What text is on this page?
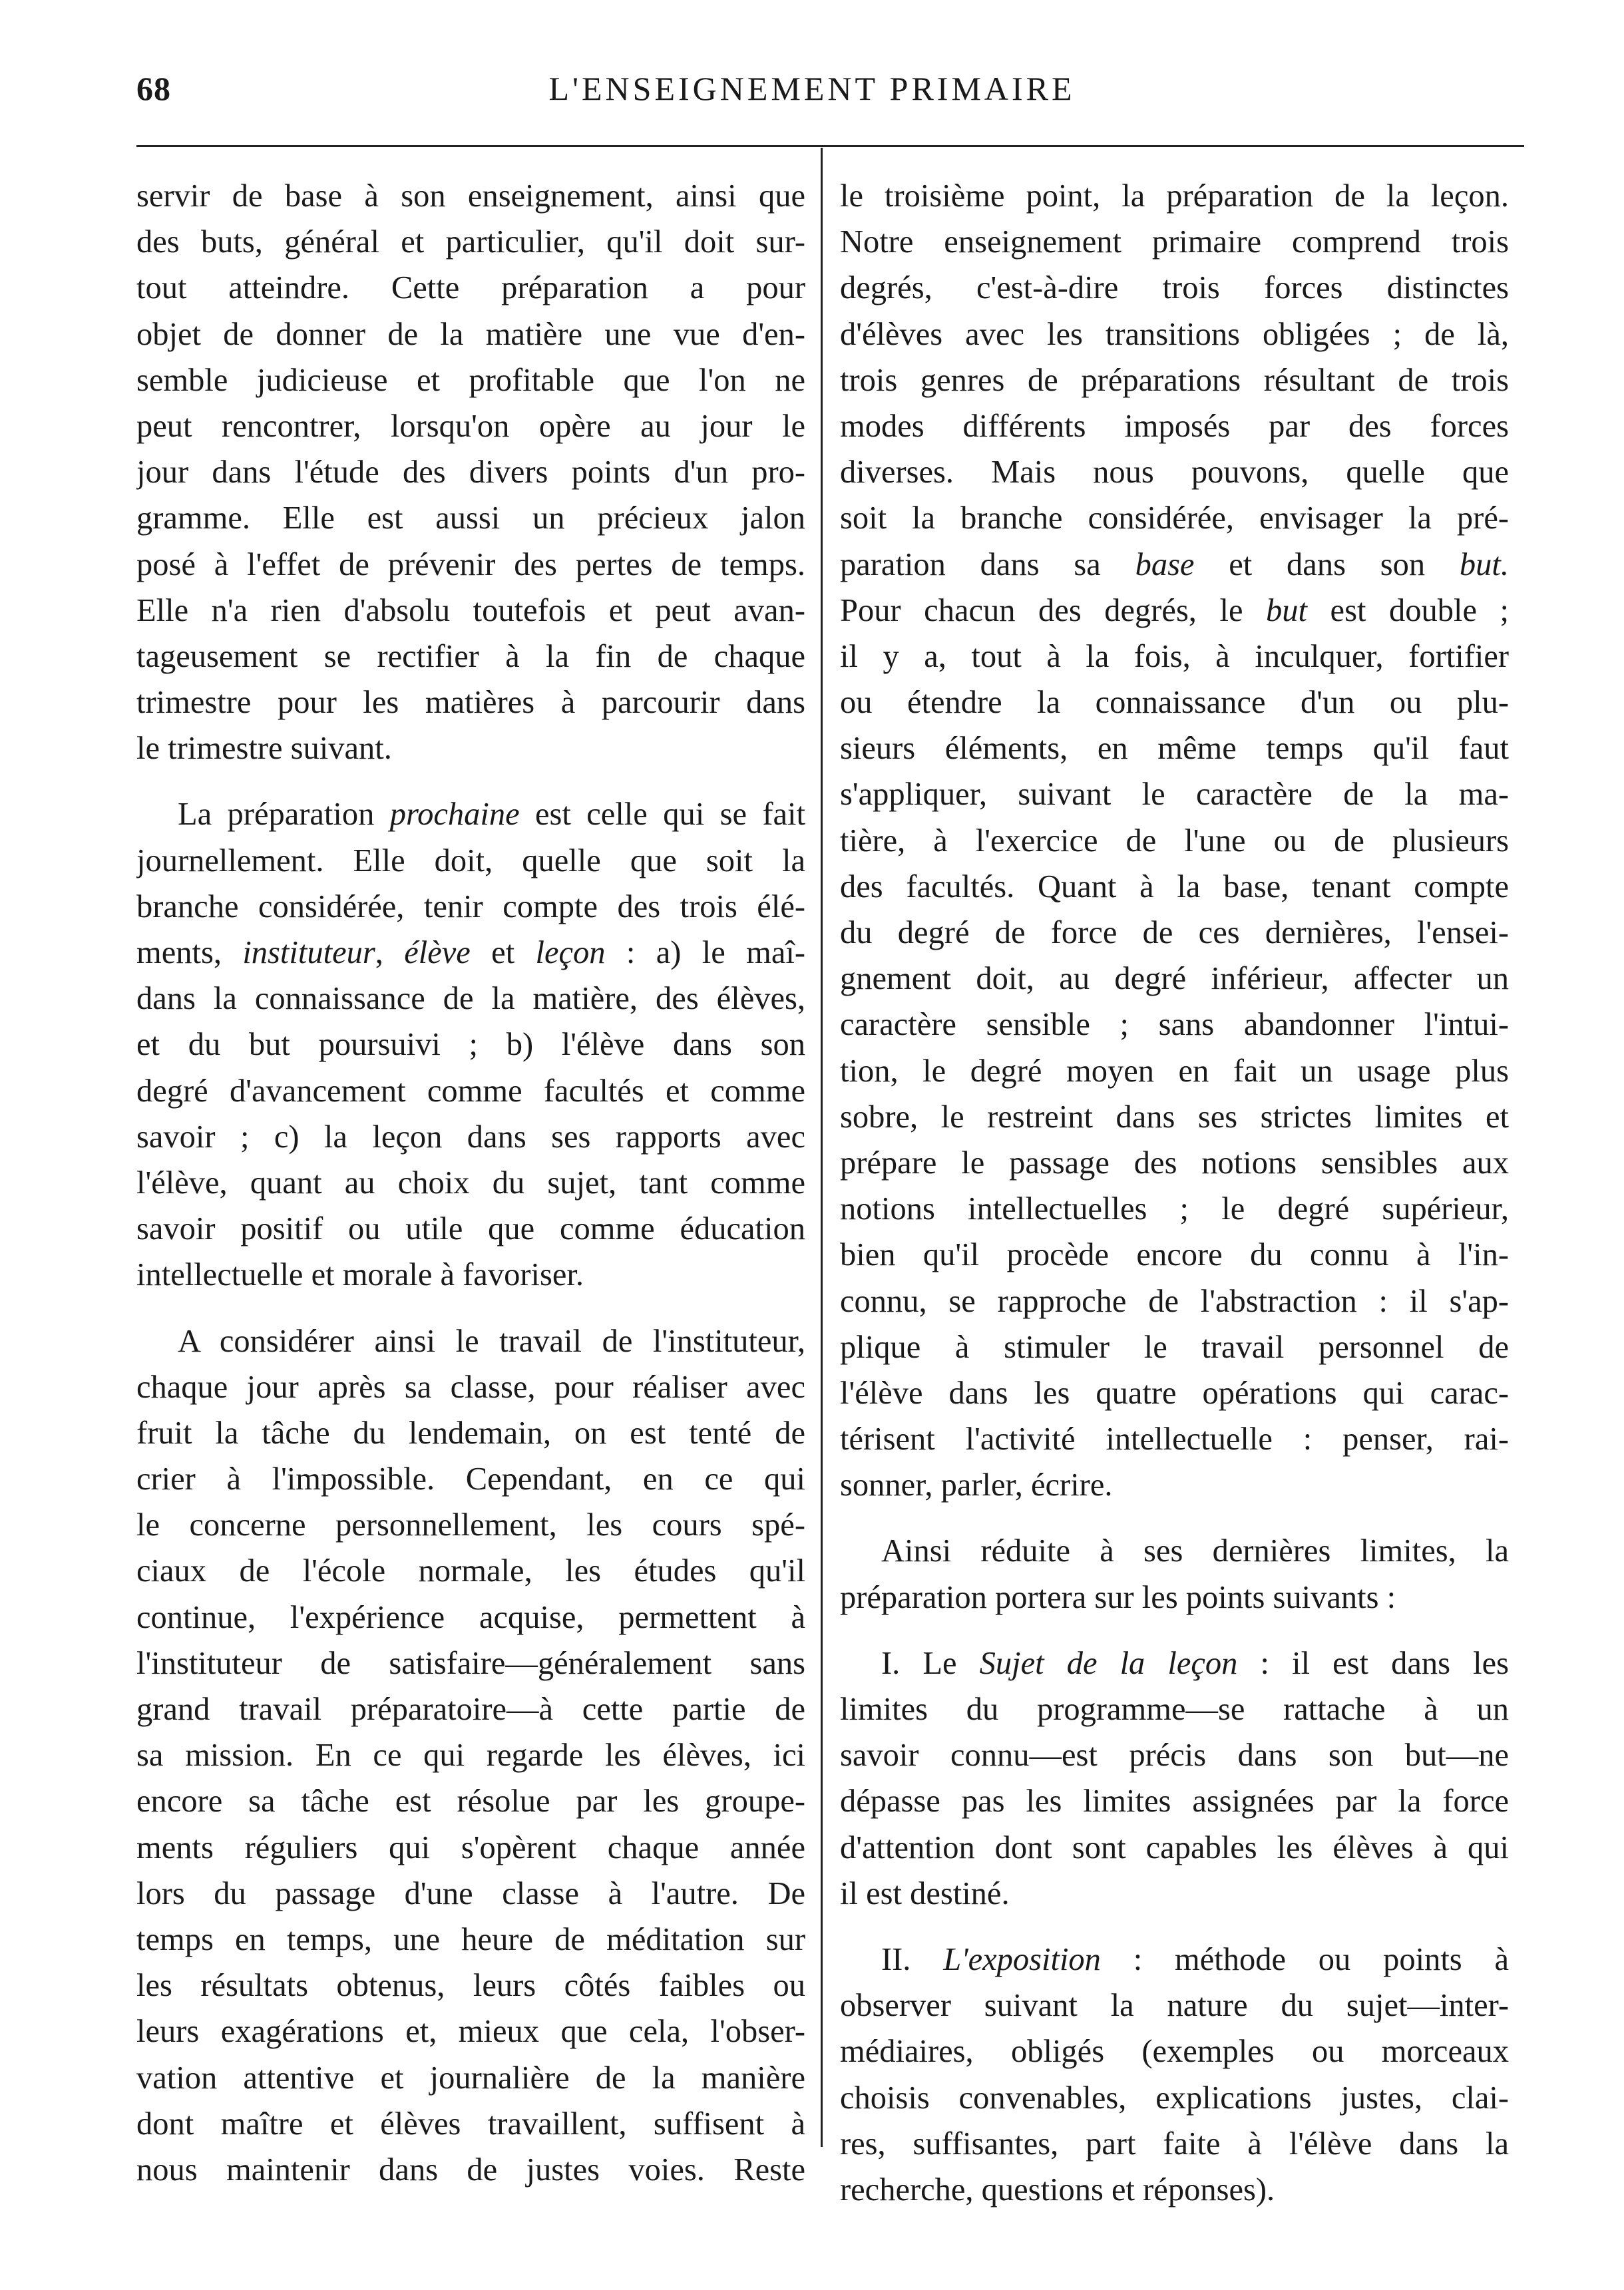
68	L'ENSEIGNEMENT PRIMAIRE
servir de base à son enseignement, ainsi que
des buts, général et particulier, qu'il doit sur-
tout atteindre. Cette préparation a pour
objet de donner de la matière une vue d'en-
semble judicieuse et profitable que l'on ne
peut rencontrer, lorsqu'on opère au jour le
jour dans l'étude des divers points d'un pro-
gramme. Elle est aussi un précieux jalon
posé à l'effet de prévenir des pertes de temps.
Elle n'a rien d'absolu toutefois et peut avan-
tageusement se rectifier à la fin de chaque
trimestre pour les matières à parcourir dans
le trimestre suivant.
La préparation prochaine est celle qui se fait
journellement. Elle doit, quelle que soit la
branche considérée, tenir compte des trois élé-
ments, instituteur, élève et leçon : a) le maî-
dans la connaissance de la matière, des élèves,
et du but poursuivi ; b) l'élève dans son
degré d'avancement comme facultés et comme
savoir ; c) la leçon dans ses rapports avec
l'élève, quant au choix du sujet, tant comme
savoir positif ou utile que comme éducation
intellectuelle et morale à favoriser.
A considérer ainsi le travail de l'instituteur,
chaque jour après sa classe, pour réaliser avec
fruit la tâche du lendemain, on est tenté de
crier à l'impossible. Cependant, en ce qui
le concerne personnellement, les cours spé-
ciaux de l'école normale, les études qu'il
continue, l'expérience acquise, permettent à
l'instituteur de satisfaire—généralement sans
grand travail préparatoire—à cette partie de
sa mission. En ce qui regarde les élèves, ici
encore sa tâche est résolue par les groupe-
ments réguliers qui s'opèrent chaque année
lors du passage d'une classe à l'autre. De
temps en temps, une heure de méditation sur
les résultats obtenus, leurs côtés faibles ou
leurs exagérations et, mieux que cela, l'obser-
vation attentive et journalière de la manière
dont maître et élèves travaillent, suffisent à
nous maintenir dans de justes voies. Reste
le troisième point, la préparation de la leçon.
Notre enseignement primaire comprend trois
degrés, c'est-à-dire trois forces distinctes
d'élèves avec les transitions obligées ; de là,
trois genres de préparations résultant de trois
modes différents imposés par des forces
diverses. Mais nous pouvons, quelle que
soit la branche considérée, envisager la pré-
paration dans sa base et dans son but.
Pour chacun des degrés, le but est double ;
il y a, tout à la fois, à inculquer, fortifier
ou étendre la connaissance d'un ou plu-
sieurs éléments, en même temps qu'il faut
s'appliquer, suivant le caractère de la ma-
tière, à l'exercice de l'une ou de plusieurs
des facultés. Quant à la base, tenant compte
du degré de force de ces dernières, l'ensei-
gnement doit, au degré inférieur, affecter un
caractère sensible ; sans abandonner l'intui-
tion, le degré moyen en fait un usage plus
sobre, le restreint dans ses strictes limites et
prépare le passage des notions sensibles aux
notions intellectuelles ; le degré supérieur,
bien qu'il procède encore du connu à l'in-
connu, se rapproche de l'abstraction : il s'ap-
plique à stimuler le travail personnel de
l'élève dans les quatre opérations qui carac-
térisent l'activité intellectuelle : penser, rai-
sonner, parler, écrire.
Ainsi réduite à ses dernières limites, la
préparation portera sur les points suivants :
I. Le Sujet de la leçon : il est dans les
limites du programme—se rattache à un
savoir connu—est précis dans son but—ne
dépasse pas les limites assignées par la force
d'attention dont sont capables les élèves à qui
il est destiné.
II. L'exposition : méthode ou points à
observer suivant la nature du sujet—inter-
médiaires, obligés (exemples ou morceaux
choisis convenables, explications justes, clai-
res, suffisantes, part faite à l'élève dans la
recherche, questions et réponses).
